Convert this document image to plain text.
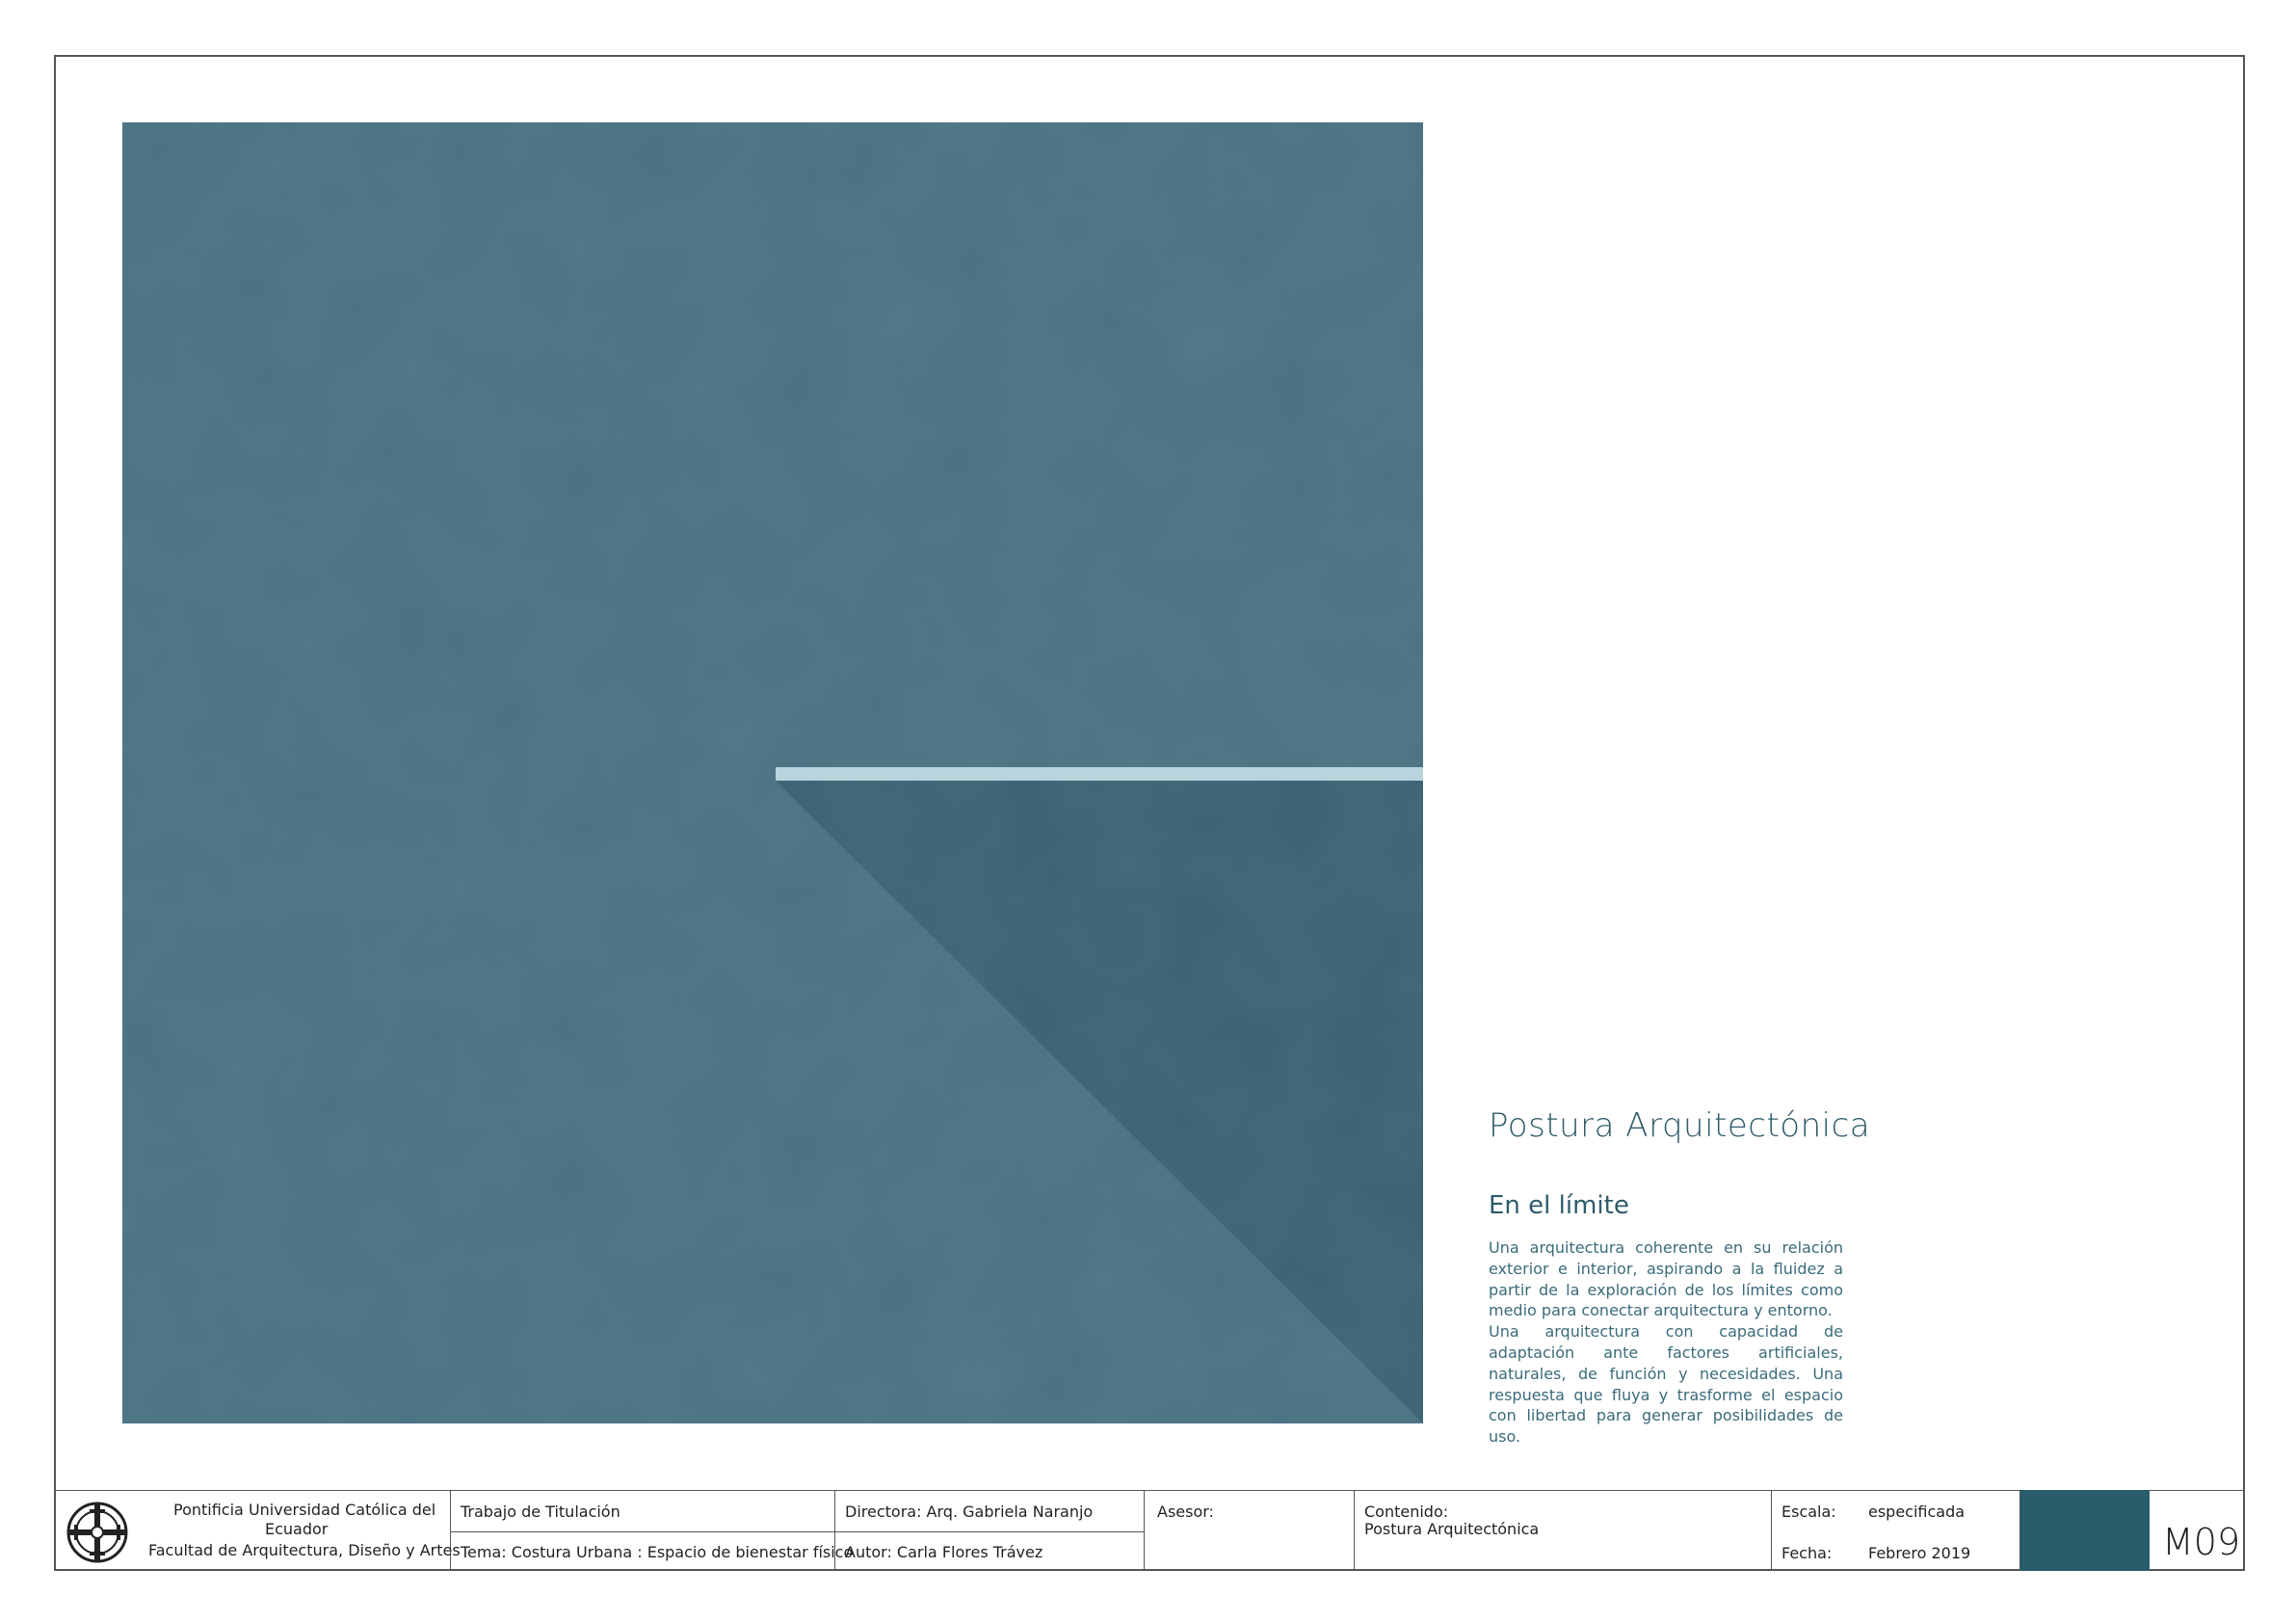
Postura Arquitectónica
En el límite

Una arquitectura coherente en su relación exterior e interior, aspirando a la fluidez a partir de la exploración de los límites como medio para conectar arquitectura y entorno.

Una arquitectura con capacidad de adaptación ante factores artificiales, naturales, de función y necesidades. Una respuesta que fluya y trasforme el espacio con libertad para generar posibilidades de uso.

Pontificia Universidad Católica del
Ecuador
Facultad de Arquitectura, Diseño y Artes
Trabajo de Titulación
Tema: Costura Urbana : Espacio de bienestar físico
Directora: Arq. Gabriela Naranjo
Autor: Carla Flores Trávez
Asesor:	Contenido:
Postura Arquitectónica
Escala: especificada
Fecha: Febrero 2019	M09
